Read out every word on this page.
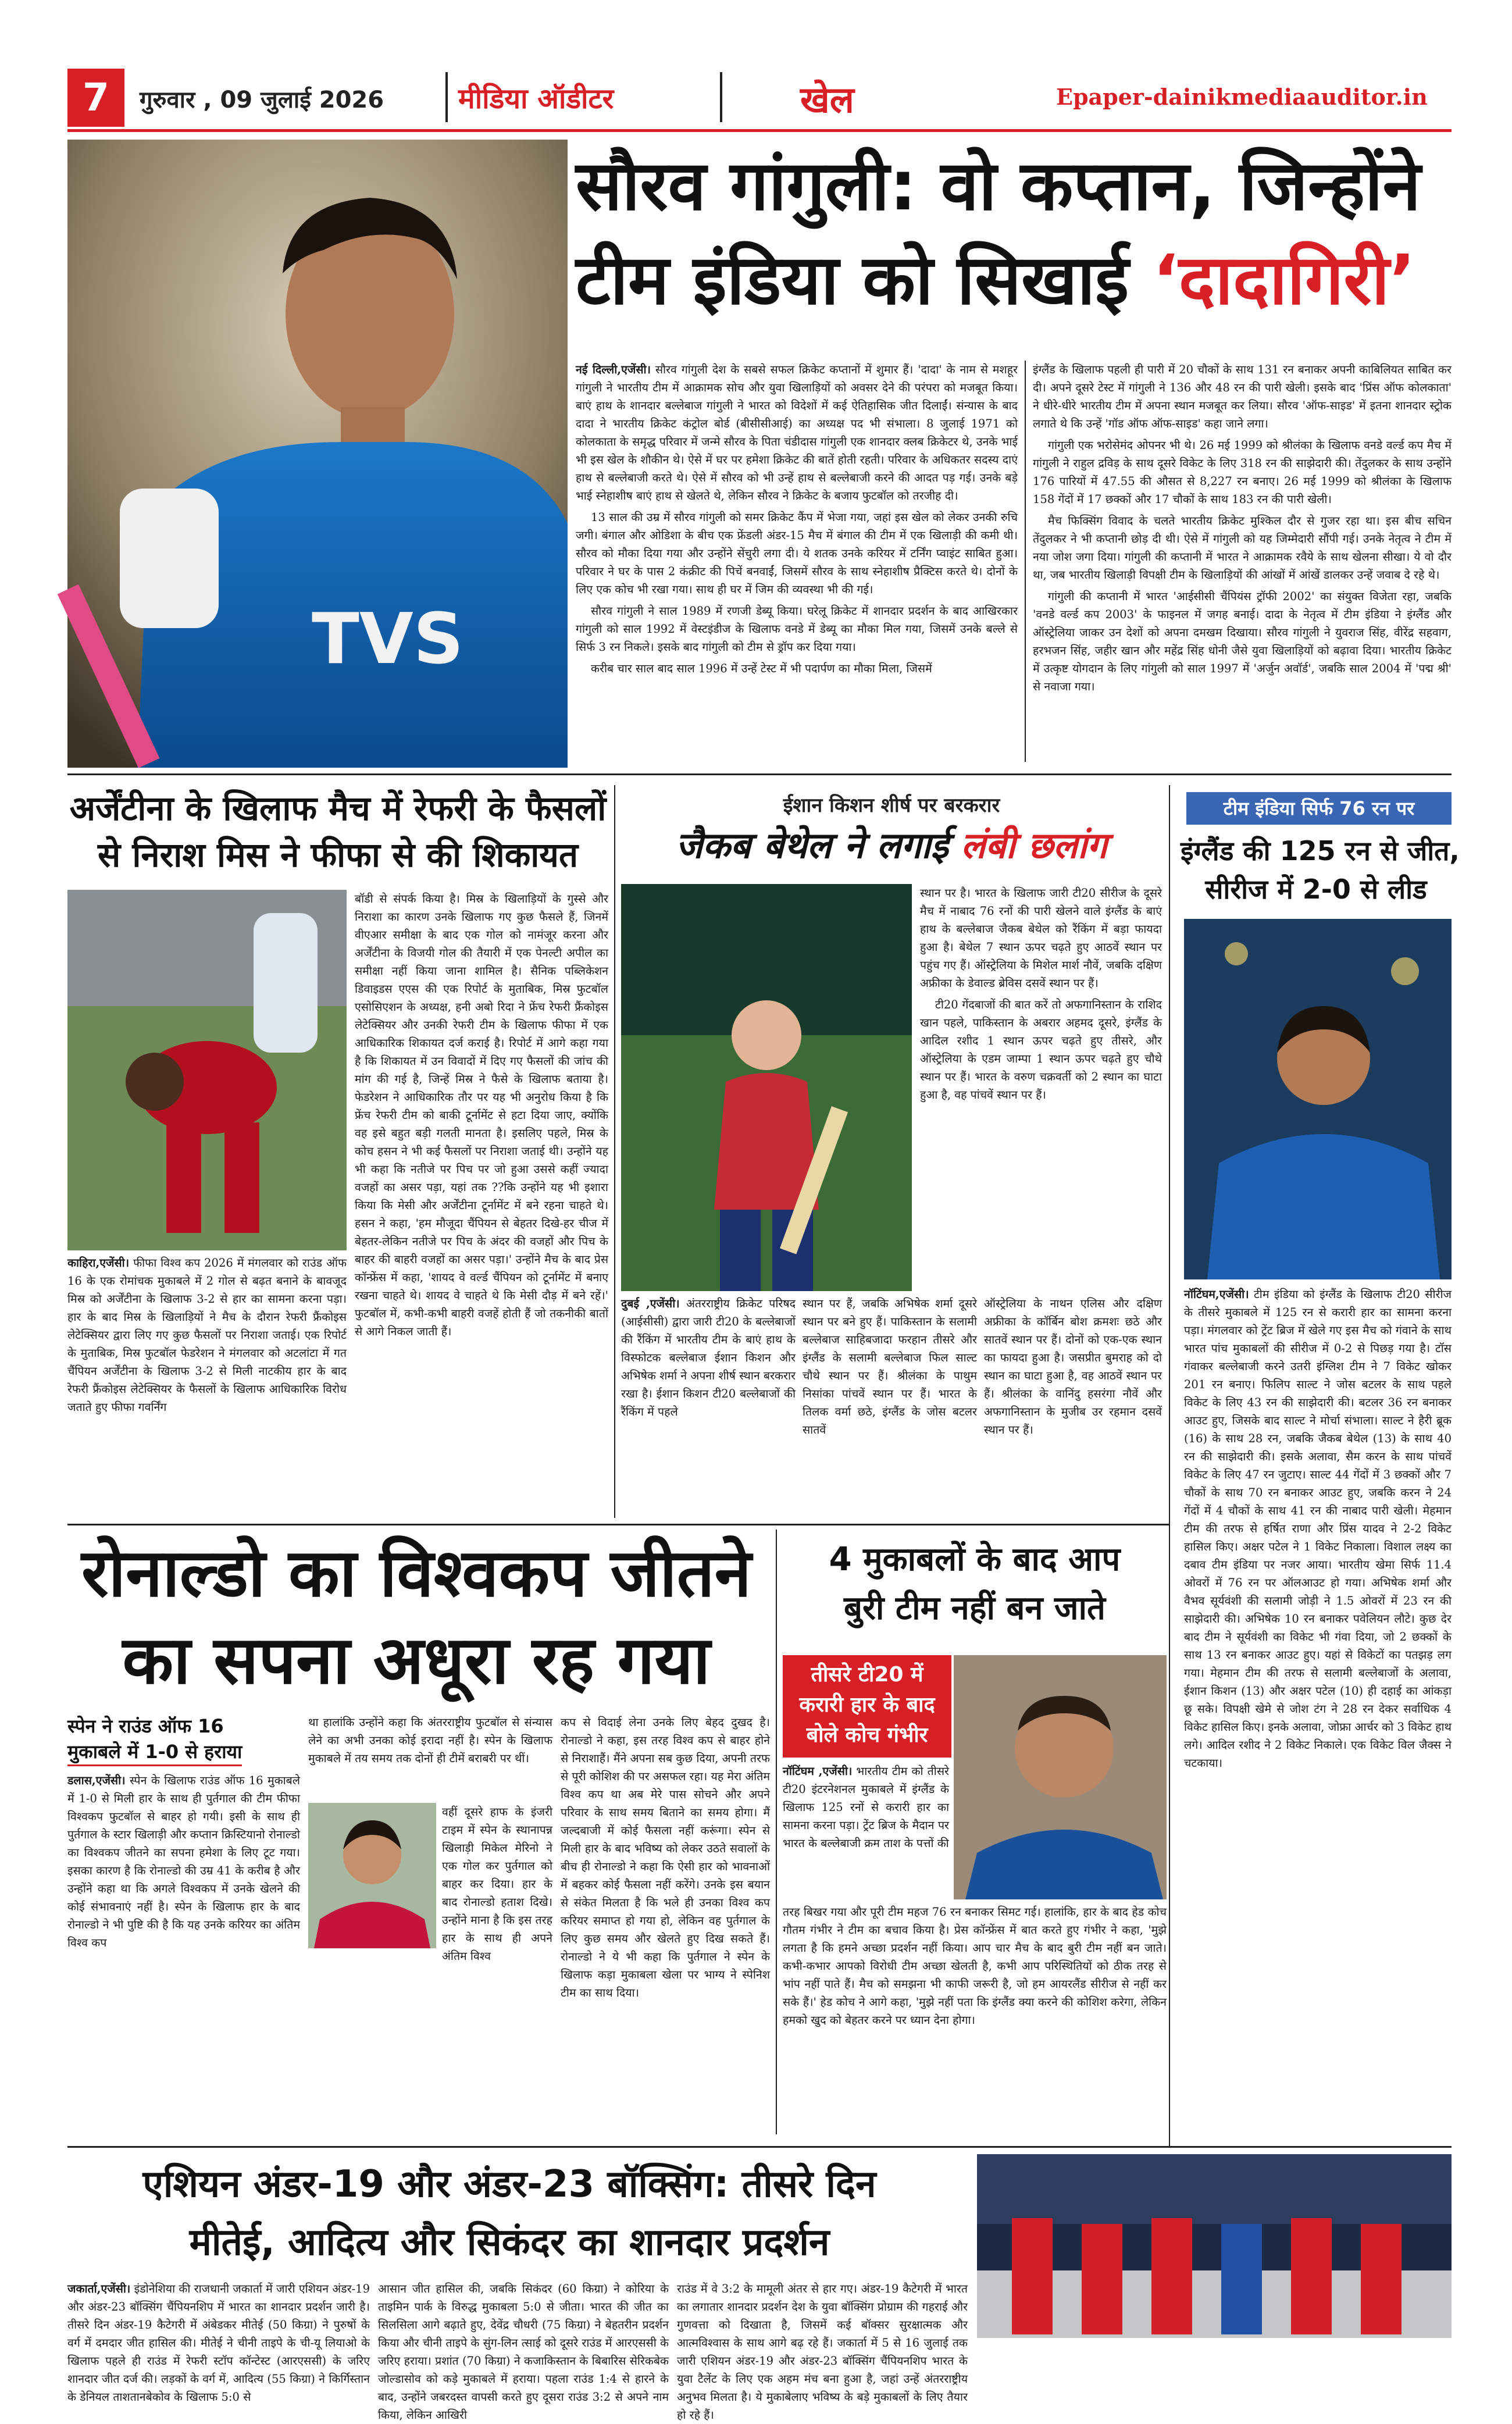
7	गुरुवार , 09 जुलाई 2026	मीडिया ऑडीटर	खेल	Epaper-dainikmediaauditor.in
TVS
सौरव गांगुली: वो कप्तान, जिन्होंने
टीम इंडिया को सिखाई ‘दादागिरी’

नई दिल्ली,एजेंसी। सौरव गांगुली देश के सबसे सफल क्रिकेट कप्तानों में शुमार हैं। 'दादा' के नाम से मशहूर गांगुली ने भारतीय टीम में आक्रामक सोच और युवा खिलाड़ियों को अवसर देने की परंपरा को मजबूत किया। बाएं हाथ के शानदार बल्लेबाज गांगुली ने भारत को विदेशों में कई ऐतिहासिक जीत दिलाईं। संन्यास के बाद दादा ने भारतीय क्रिकेट कंट्रोल बोर्ड (बीसीसीआई) का अध्यक्ष पद भी संभाला। 8 जुलाई 1971 को कोलकाता के समृद्ध परिवार में जन्मे सौरव के पिता चंडीदास गांगुली एक शानदार क्लब क्रिकेटर थे, उनके भाई भी इस खेल के शौकीन थे। ऐसे में घर पर हमेशा क्रिकेट की बातें होती रहती। परिवार के अधिकतर सदस्य दाएं हाथ से बल्लेबाजी करते थे। ऐसे में सौरव को भी उन्हें हाथ से बल्लेबाजी करने की आदत पड़ गई। उनके बड़े भाई स्नेहाशीष बाएं हाथ से खेलते थे, लेकिन सौरव ने क्रिकेट के बजाय फुटबॉल को तरजीह दी।

13 साल की उम्र में सौरव गांगुली को समर क्रिकेट कैंप में भेजा गया, जहां इस खेल को लेकर उनकी रुचि जगी। बंगाल और ओडिशा के बीच एक फ्रेंडली अंडर-15 मैच में बंगाल की टीम में एक खिलाड़ी की कमी थी। सौरव को मौका दिया गया और उन्होंने सेंचुरी लगा दी। ये शतक उनके करियर में टर्निंग प्वाइंट साबित हुआ। परिवार ने घर के पास 2 कंक्रीट की पिचें बनवाईं, जिसमें सौरव के साथ स्नेहाशीष प्रैक्टिस करते थे। दोनों के लिए एक कोच भी रखा गया। साथ ही घर में जिम की व्यवस्था भी की गई।

सौरव गांगुली ने साल 1989 में रणजी डेब्यू किया। घरेलू क्रिकेट में शानदार प्रदर्शन के बाद आखिरकार गांगुली को साल 1992 में वेस्टइंडीज के खिलाफ वनडे में डेब्यू का मौका मिल गया, जिसमें उनके बल्ले से सिर्फ 3 रन निकले। इसके बाद गांगुली को टीम से ड्रॉप कर दिया गया।

करीब चार साल बाद साल 1996 में उन्हें टेस्ट में भी पदार्पण का मौका मिला, जिसमें

इंग्लैंड के खिलाफ पहली ही पारी में 20 चौकों के साथ 131 रन बनाकर अपनी काबिलियत साबित कर दी। अपने दूसरे टेस्ट में गांगुली ने 136 और 48 रन की पारी खेली। इसके बाद 'प्रिंस ऑफ कोलकाता' ने धीरे-धीरे भारतीय टीम में अपना स्थान मजबूत कर लिया। सौरव 'ऑफ-साइड' में इतना शानदार स्ट्रोक लगाते थे कि उन्हें 'गॉड ऑफ ऑफ-साइड' कहा जाने लगा।

गांगुली एक भरोसेमंद ओपनर भी थे। 26 मई 1999 को श्रीलंका के खिलाफ वनडे वर्ल्ड कप मैच में गांगुली ने राहुल द्रविड़ के साथ दूसरे विकेट के लिए 318 रन की साझेदारी की। तेंदुलकर के साथ उन्होंने 176 पारियों में 47.55 की औसत से 8,227 रन बनाए। 26 मई 1999 को श्रीलंका के खिलाफ 158 गेंदों में 17 छक्कों और 17 चौकों के साथ 183 रन की पारी खेली।

मैच फिक्सिंग विवाद के चलते भारतीय क्रिकेट मुश्किल दौर से गुजर रहा था। इस बीच सचिन तेंदुलकर ने भी कप्तानी छोड़ दी थी। ऐसे में गांगुली को यह जिम्मेदारी सौंपी गई। उनके नेतृत्व ने टीम में नया जोश जगा दिया। गांगुली की कप्तानी में भारत ने आक्रामक रवैये के साथ खेलना सीखा। ये वो दौर था, जब भारतीय खिलाड़ी विपक्षी टीम के खिलाड़ियों की आंखों में आंखें डालकर उन्हें जवाब दे रहे थे।

गांगुली की कप्तानी में भारत 'आईसीसी चैंपियंस ट्रॉफी 2002' का संयुक्त विजेता रहा, जबकि 'वनडे वर्ल्ड कप 2003' के फाइनल में जगह बनाई। दादा के नेतृत्व में टीम इंडिया ने इंग्लैंड और ऑस्ट्रेलिया जाकर उन देशों को अपना दमखम दिखाया। सौरव गांगुली ने युवराज सिंह, वीरेंद्र सहवाग, हरभजन सिंह, जहीर खान और महेंद्र सिंह धोनी जैसे युवा खिलाड़ियों को बढ़ावा दिया। भारतीय क्रिकेट में उत्कृष्ट योगदान के लिए गांगुली को साल 1997 में 'अर्जुन अवॉर्ड', जबकि साल 2004 में 'पद्म श्री' से नवाजा गया।

अर्जेंटीना के खिलाफ मैच में रेफरी के फैसलों
से निराश मिस ने फीफा से की शिकायत

काहिरा,एजेंसी। फीफा विश्व कप 2026 में मंगलवार को राउंड ऑफ 16 के एक रोमांचक मुकाबले में 2 गोल से बढ़त बनाने के बावजूद मिस्र को अर्जेंटीना के खिलाफ 3-2 से हार का सामना करना पड़ा। हार के बाद मिस्र के खिलाड़ियों ने मैच के दौरान रेफरी फ्रैंकोइस लेटेक्सियर द्वारा लिए गए कुछ फैसलों पर निराशा जताई। एक रिपोर्ट के मुताबिक, मिस्र फुटबॉल फेडरेशन ने मंगलवार को अटलांटा में गत चैंपियन अर्जेंटीना के खिलाफ 3-2 से मिली नाटकीय हार के बाद रेफरी फ्रैंकोइस लेटेक्सियर के फैसलों के खिलाफ आधिकारिक विरोध जताते हुए फीफा गवर्निंग

बॉडी से संपर्क किया है। मिस्र के खिलाड़ियों के गुस्से और निराशा का कारण उनके खिलाफ गए कुछ फैसले हैं, जिनमें वीएआर समीक्षा के बाद एक गोल को नामंजूर करना और अर्जेंटीना के विजयी गोल की तैयारी में एक पेनल्टी अपील का समीक्षा नहीं किया जाना शामिल है। सैनिक पब्लिकेशन डिवाइडस एएस की एक रिपोर्ट के मुताबिक, मिस्र फुटबॉल एसोसिएशन के अध्यक्ष, हनी अबो रिदा ने फ्रेंच रेफरी फ्रैंकोइस लेटेक्सियर और उनकी रेफरी टीम के खिलाफ फीफा में एक आधिकारिक शिकायत दर्ज कराई है। रिपोर्ट में आगे कहा गया है कि शिकायत में उन विवादों में दिए गए फैसलों की जांच की मांग की गई है, जिन्हें मिस्र ने फैसे के खिलाफ बताया है। फेडरेशन ने आधिकारिक तौर पर यह भी अनुरोध किया है कि फ्रेंच रेफरी टीम को बाकी टूर्नामेंट से हटा दिया जाए, क्योंकि वह इसे बहुत बड़ी गलती मानता है। इसलिए पहले, मिस्र के कोच हसन ने भी कई फैसलों पर निराशा जताई थी। उन्होंने यह भी कहा कि नतीजे पर पिच पर जो हुआ उससे कहीं ज्यादा वजहों का असर पड़ा, यहां तक ??कि उन्होंने यह भी इशारा किया कि मेसी और अर्जेंटीना टूर्नामेंट में बने रहना चाहते थे। हसन ने कहा, 'हम मौजूदा चैंपियन से बेहतर दिखे-हर चीज में बेहतर-लेकिन नतीजे पर पिच के अंदर की वजहों और पिच के बाहर की बाहरी वजहों का असर पड़ा।' उन्होंने मैच के बाद प्रेस कॉन्फ्रेंस में कहा, 'शायद वे वर्ल्ड चैंपियन को टूर्नामेंट में बनाए रखना चाहते थे। शायद वे चाहते थे कि मेसी दौड़ में बने रहें।' फुटबॉल में, कभी-कभी बाहरी वजहें होती हैं जो तकनीकी बातों से आगे निकल जाती हैं।

ईशान किशन शीर्ष पर बरकरार
जैकब बेथेल ने लगाई लंबी छलांग

स्थान पर है। भारत के खिलाफ जारी टी20 सीरीज के दूसरे मैच में नाबाद 76 रनों की पारी खेलने वाले इंग्लैंड के बाएं हाथ के बल्लेबाज जैकब बेथेल को रैंकिंग में बड़ा फायदा हुआ है। बेथेल 7 स्थान ऊपर चढ़ते हुए आठवें स्थान पर पहुंच गए हैं। ऑस्ट्रेलिया के मिशेल मार्श नौवें, जबकि दक्षिण अफ्रीका के डेवाल्ड ब्रेविस दसवें स्थान पर हैं।

टी20 गेंदबाजों की बात करें तो अफगानिस्तान के राशिद खान पहले, पाकिस्तान के अबरार अहमद दूसरे, इंग्लैंड के आदिल रशीद 1 स्थान ऊपर चढ़ते हुए तीसरे, और ऑस्ट्रेलिया के एडम जाम्पा 1 स्थान ऊपर चढ़ते हुए चौथे स्थान पर हैं। भारत के वरुण चक्रवर्ती को 2 स्थान का घाटा हुआ है, वह पांचवें स्थान पर हैं।

दुबई ,एजेंसी। अंतरराष्ट्रीय क्रिकेट परिषद (आईसीसी) द्वारा जारी टी20 के बल्लेबाजों की रैंकिंग में भारतीय टीम के बाएं हाथ के विस्फोटक बल्लेबाज ईशान किशन और अभिषेक शर्मा ने अपना शीर्ष स्थान बरकरार रखा है। ईशान किशन टी20 बल्लेबाजों की रैंकिंग में पहले

स्थान पर हैं, जबकि अभिषेक शर्मा दूसरे स्थान पर बने हुए हैं। पाकिस्तान के सलामी बल्लेबाज साहिबजादा फरहान तीसरे और इंग्लैंड के सलामी बल्लेबाज फिल साल्ट चौथे स्थान पर हैं। श्रीलंका के पाथुम निसांका पांचवें स्थान पर हैं। भारत के तिलक वर्मा छठे, इंग्लैंड के जोस बटलर सातवें

ऑस्ट्रेलिया के नाथन एलिस और दक्षिण अफ्रीका के कॉर्बिन बोश क्रमशः छठे और सातवें स्थान पर हैं। दोनों को एक-एक स्थान का फायदा हुआ है। जसप्रीत बुमराह को दो स्थान का घाटा हुआ है, वह आठवें स्थान पर हैं। श्रीलंका के वानिंदु हसरंगा नौवें और अफगानिस्तान के मुजीब उर रहमान दसवें स्थान पर हैं।

टीम इंडिया सिर्फ 76 रन पर
इंग्लैंड की 125 रन से जीत,
सीरीज में 2-0 से लीड

नॉटिंघम,एजेंसी। टीम इंडिया को इंग्लैंड के खिलाफ टी20 सीरीज के तीसरे मुकाबले में 125 रन से करारी हार का सामना करना पड़ा। मंगलवार को ट्रेंट ब्रिज में खेले गए इस मैच को गंवाने के साथ भारत पांच मुकाबलों की सीरीज में 0-2 से पिछड़ गया है। टॉस गंवाकर बल्लेबाजी करने उतरी इंग्लिश टीम ने 7 विकेट खोकर 201 रन बनाए। फिलिप साल्ट ने जोस बटलर के साथ पहले विकेट के लिए 43 रन की साझेदारी की। बटलर 36 रन बनाकर आउट हुए, जिसके बाद साल्ट ने मोर्चा संभाला। साल्ट ने हैरी ब्रूक (16) के साथ 28 रन, जबकि जैकब बेथेल (13) के साथ 40 रन की साझेदारी की। इसके अलावा, सैम करन के साथ पांचवें विकेट के लिए 47 रन जुटाए। साल्ट 44 गेंदों में 3 छक्कों और 7 चौकों के साथ 70 रन बनाकर आउट हुए, जबकि करन ने 24 गेंदों में 4 चौकों के साथ 41 रन की नाबाद पारी खेली। मेहमान टीम की तरफ से हर्षित राणा और प्रिंस यादव ने 2-2 विकेट हासिल किए। अक्षर पटेल ने 1 विकेट निकाला। विशाल लक्ष्य का दबाव टीम इंडिया पर नजर आया। भारतीय खेमा सिर्फ 11.4 ओवरों में 76 रन पर ऑलआउट हो गया। अभिषेक शर्मा और वैभव सूर्यवंशी की सलामी जोड़ी ने 1.5 ओवरों में 23 रन की साझेदारी की। अभिषेक 10 रन बनाकर पवेलियन लौटे। कुछ देर बाद टीम ने सूर्यवंशी का विकेट भी गंवा दिया, जो 2 छक्कों के साथ 13 रन बनाकर आउट हुए। यहां से विकेटों का पतझड़ लग गया। मेहमान टीम की तरफ से सलामी बल्लेबाजों के अलावा, ईशान किशन (13) और अक्षर पटेल (10) ही दहाई का आंकड़ा छू सके। विपक्षी खेमे से जोश टंग ने 28 रन देकर सर्वाधिक 4 विकेट हासिल किए। इनके अलावा, जोफ्रा आर्चर को 3 विकेट हाथ लगे। आदिल रशीद ने 2 विकेट निकाले। एक विकेट विल जैक्स ने चटकाया।

रोनाल्डो का विश्वकप जीतने
का सपना अधूरा रह गया
स्पेन ने राउंड ऑफ 16
मुकाबले में 1-0 से हराया

डलास,एजेंसी। स्पेन के खिलाफ राउंड ऑफ 16 मुकाबले में 1-0 से मिली हार के साथ ही पुर्तगाल की टीम फीफा विश्वकप फुटबॉल से बाहर हो गयी। इसी के साथ ही पुर्तगाल के स्टार खिलाड़ी और कप्तान क्रिस्टियानो रोनाल्डो का विश्वकप जीतने का सपना हमेशा के लिए टूट गया। इसका कारण है कि रोनाल्डो की उम्र 41 के करीब है और उन्होंने कहा था कि अगले विश्वकप में उनके खेलने की कोई संभावनाएं नहीं है। स्पेन के खिलाफ हार के बाद रोनाल्डो ने भी पुष्टि की है कि यह उनके करियर का अंतिम विश्व कप

था हालांकि उन्होंने कहा कि अंतरराष्ट्रीय फुटबॉल से संन्यास लेने का अभी उनका कोई इरादा नहीं है। स्पेन के खिलाफ मुकाबले में तय समय तक दोनों ही टीमें बराबरी पर थीं।

वहीं दूसरे हाफ के इंजरी टाइम में स्पेन के स्थानापन्न खिलाड़ी मिकेल मेरिनो ने एक गोल कर पुर्तगाल को बाहर कर दिया। हार के बाद रोनाल्डो हताश दिखे। उन्होंने माना है कि इस तरह हार के साथ ही अपने अंतिम विश्व

कप से विदाई लेना उनके लिए बेहद दुखद है। रोनाल्डो ने कहा, इस तरह विश्व कप से बाहर होने से निराशाहैं। मैंने अपना सब कुछ दिया, अपनी तरफ से पूरी कोशिश की पर असफल रहा। यह मेरा अंतिम विश्व कप था अब मेरे पास सोचने और अपने परिवार के साथ समय बिताने का समय होगा। मैं जल्दबाजी में कोई फैसला नहीं करूंगा। स्पेन से मिली हार के बाद भविष्य को लेकर उठते सवालों के बीच ही रोनाल्डो ने कहा कि ऐसी हार को भावनाओं में बहकर कोई फैसला नहीं करेंगे। उनके इस बयान से संकेत मिलता है कि भले ही उनका विश्व कप करियर समाप्त हो गया हो, लेकिन वह पुर्तगाल के लिए कुछ समय और खेलते हुए दिख सकते हैं। रोनाल्डो ने ये भी कहा कि पुर्तगाल ने स्पेन के खिलाफ कड़ा मुकाबला खेला पर भाग्य ने स्पेनिश टीम का साथ दिया।

4 मुकाबलों के बाद आप
बुरी टीम नहीं बन जाते
तीसरे टी20 में
करारी हार के बाद
बोले कोच गंभीर

नॉटिंघम ,एजेंसी। भारतीय टीम को तीसरे टी20 इंटरनेशनल मुकाबले में इंग्लैंड के खिलाफ 125 रनों से करारी हार का सामना करना पड़ा। ट्रेंट ब्रिज के मैदान पर भारत के बल्लेबाजी क्रम ताश के पत्तों की

तरह बिखर गया और पूरी टीम महज 76 रन बनाकर सिमट गई। हालांकि, हार के बाद हेड कोच गौतम गंभीर ने टीम का बचाव किया है। प्रेस कॉन्फ्रेंस में बात करते हुए गंभीर ने कहा, 'मुझे लगता है कि हमने अच्छा प्रदर्शन नहीं किया। आप चार मैच के बाद बुरी टीम नहीं बन जाते। कभी-कभार आपको विरोधी टीम अच्छा खेलती है, कभी आप परिस्थितियों को ठीक तरह से भांप नहीं पाते हैं। मैच को समझना भी काफी जरूरी है, जो हम आयरलैंड सीरीज से नहीं कर सके हैं।' हेड कोच ने आगे कहा, 'मुझे नहीं पता कि इंग्लैंड क्या करने की कोशिश करेगा, लेकिन हमको खुद को बेहतर करने पर ध्यान देना होगा।

एशियन अंडर-19 और अंडर-23 बॉक्सिंग: तीसरे दिन
मीतेई, आदित्य और सिकंदर का शानदार प्रदर्शन

जकार्ता,एजेंसी। इंडोनेशिया की राजधानी जकार्ता में जारी एशियन अंडर-19 और अंडर-23 बॉक्सिंग चैंपियनशिप में भारत का शानदार प्रदर्शन जारी है। तीसरे दिन अंडर-19 कैटेगरी में अंबेडकर मीतेई (50 किग्रा) ने पुरुषों के वर्ग में दमदार जीत हासिल की। मीतेई ने चीनी ताइपे के ची-यू लियाओ के खिलाफ पहले ही राउंड में रेफरी स्टॉप कॉन्टेस्ट (आरएससी) के जरिए शानदार जीत दर्ज की। लड़कों के वर्ग में, आदित्य (55 किग्रा) ने किर्गिस्तान के डेनियल ताशतानबेकोव के खिलाफ 5:0 से

आसान जीत हासिल की, जबकि सिकंदर (60 किग्रा) ने कोरिया के ताइमिन पार्क के विरुद्ध मुकाबला 5:0 से जीता। भारत की जीत का सिलसिला आगे बढ़ाते हुए, देवेंद्र चौधरी (75 किग्रा) ने बेहतरीन प्रदर्शन किया और चीनी ताइपे के सुंग-लिन त्साई को दूसरे राउंड में आरएससी के जरिए हराया। प्रशांत (70 किग्रा) ने कजाकिस्तान के बिबारिस सेरिकबेक जोल्डासोव को कड़े मुकाबले में हराया। पहला राउंड 1:4 से हारने के बाद, उन्होंने जबरदस्त वापसी करते हुए दूसरा राउंड 3:2 से अपने नाम किया, लेकिन आखिरी

राउंड में वे 3:2 के मामूली अंतर से हार गए। अंडर-19 कैटेगरी में भारत का लगातार शानदार प्रदर्शन देश के युवा बॉक्सिंग प्रोग्राम की गहराई और गुणवत्ता को दिखाता है, जिसमें कई बॉक्सर सुरक्षात्मक और आत्मविश्वास के साथ आगे बढ़ रहे हैं। जकार्ता में 5 से 16 जुलाई तक जारी एशियन अंडर-19 और अंडर-23 बॉक्सिंग चैंपियनशिप भारत के युवा टैलेंट के लिए एक अहम मंच बना हुआ है, जहां उन्हें अंतरराष्ट्रीय अनुभव मिलता है। ये मुकाबेलाए भविष्य के बड़े मुकाबलों के लिए तैयार हो रहे हैं।
